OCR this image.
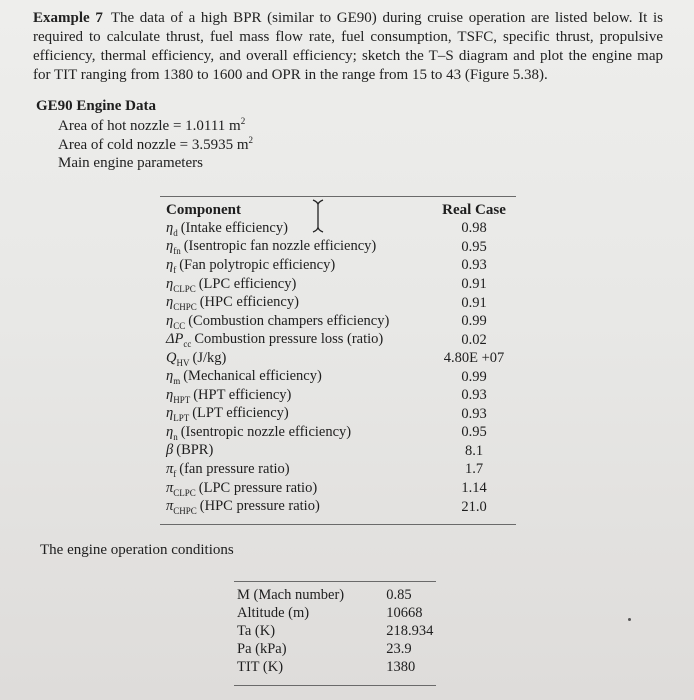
Example 7 The data of a high BPR (similar to GE90) during cruise operation are listed below. It is required to calculate thrust, fuel mass flow rate, fuel consumption, TSFC, specific thrust, propulsive efficiency, thermal efficiency, and overall efficiency; sketch the T–S diagram and plot the engine map for TIT ranging from 1380 to 1600 and OPR in the range from 15 to 43 (Figure 5.38).
GE90 Engine Data
Area of hot nozzle = 1.0111 $m^2$
Area of cold nozzle = 3.5935 $m^2$
Main engine parameters
Component	Real Case
$\eta_d$ (Intake efficiency)	0.98
$\eta_{fn}$ (Isentropic fan nozzle efficiency)	0.95
$\eta_f$ (Fan polytropic efficiency)	0.93
$\eta_{CLPC}$ (LPC efficiency)	0.91
$\eta_{CHPC}$ (HPC efficiency)	0.91
$\eta_{CC}$ (Combustion champers efficiency)	0.99
$\Delta P_{cc}$ Combustion pressure loss (ratio)	0.02
$Q_{HV}$ (J/kg)	4.80E +07
$\eta_m$ (Mechanical efficiency)	0.99
$\eta_{HPT}$ (HPT efficiency)	0.93
$\eta_{LPT}$ (LPT efficiency)	0.93
$\eta_n$ (Isentropic nozzle efficiency)	0.95
β (BPR)	8.1
$\pi_f$ (fan pressure ratio)	1.7
$\pi_{CLPC}$ (LPC pressure ratio)	1.14
$\pi_{CHPC}$ (HPC pressure ratio)	21.0
The engine operation conditions
M (Mach number)	0.85
Altitude (m)	10668
Ta (K)	218.934
Pa (kPa)	23.9
TIT (K)	1380
